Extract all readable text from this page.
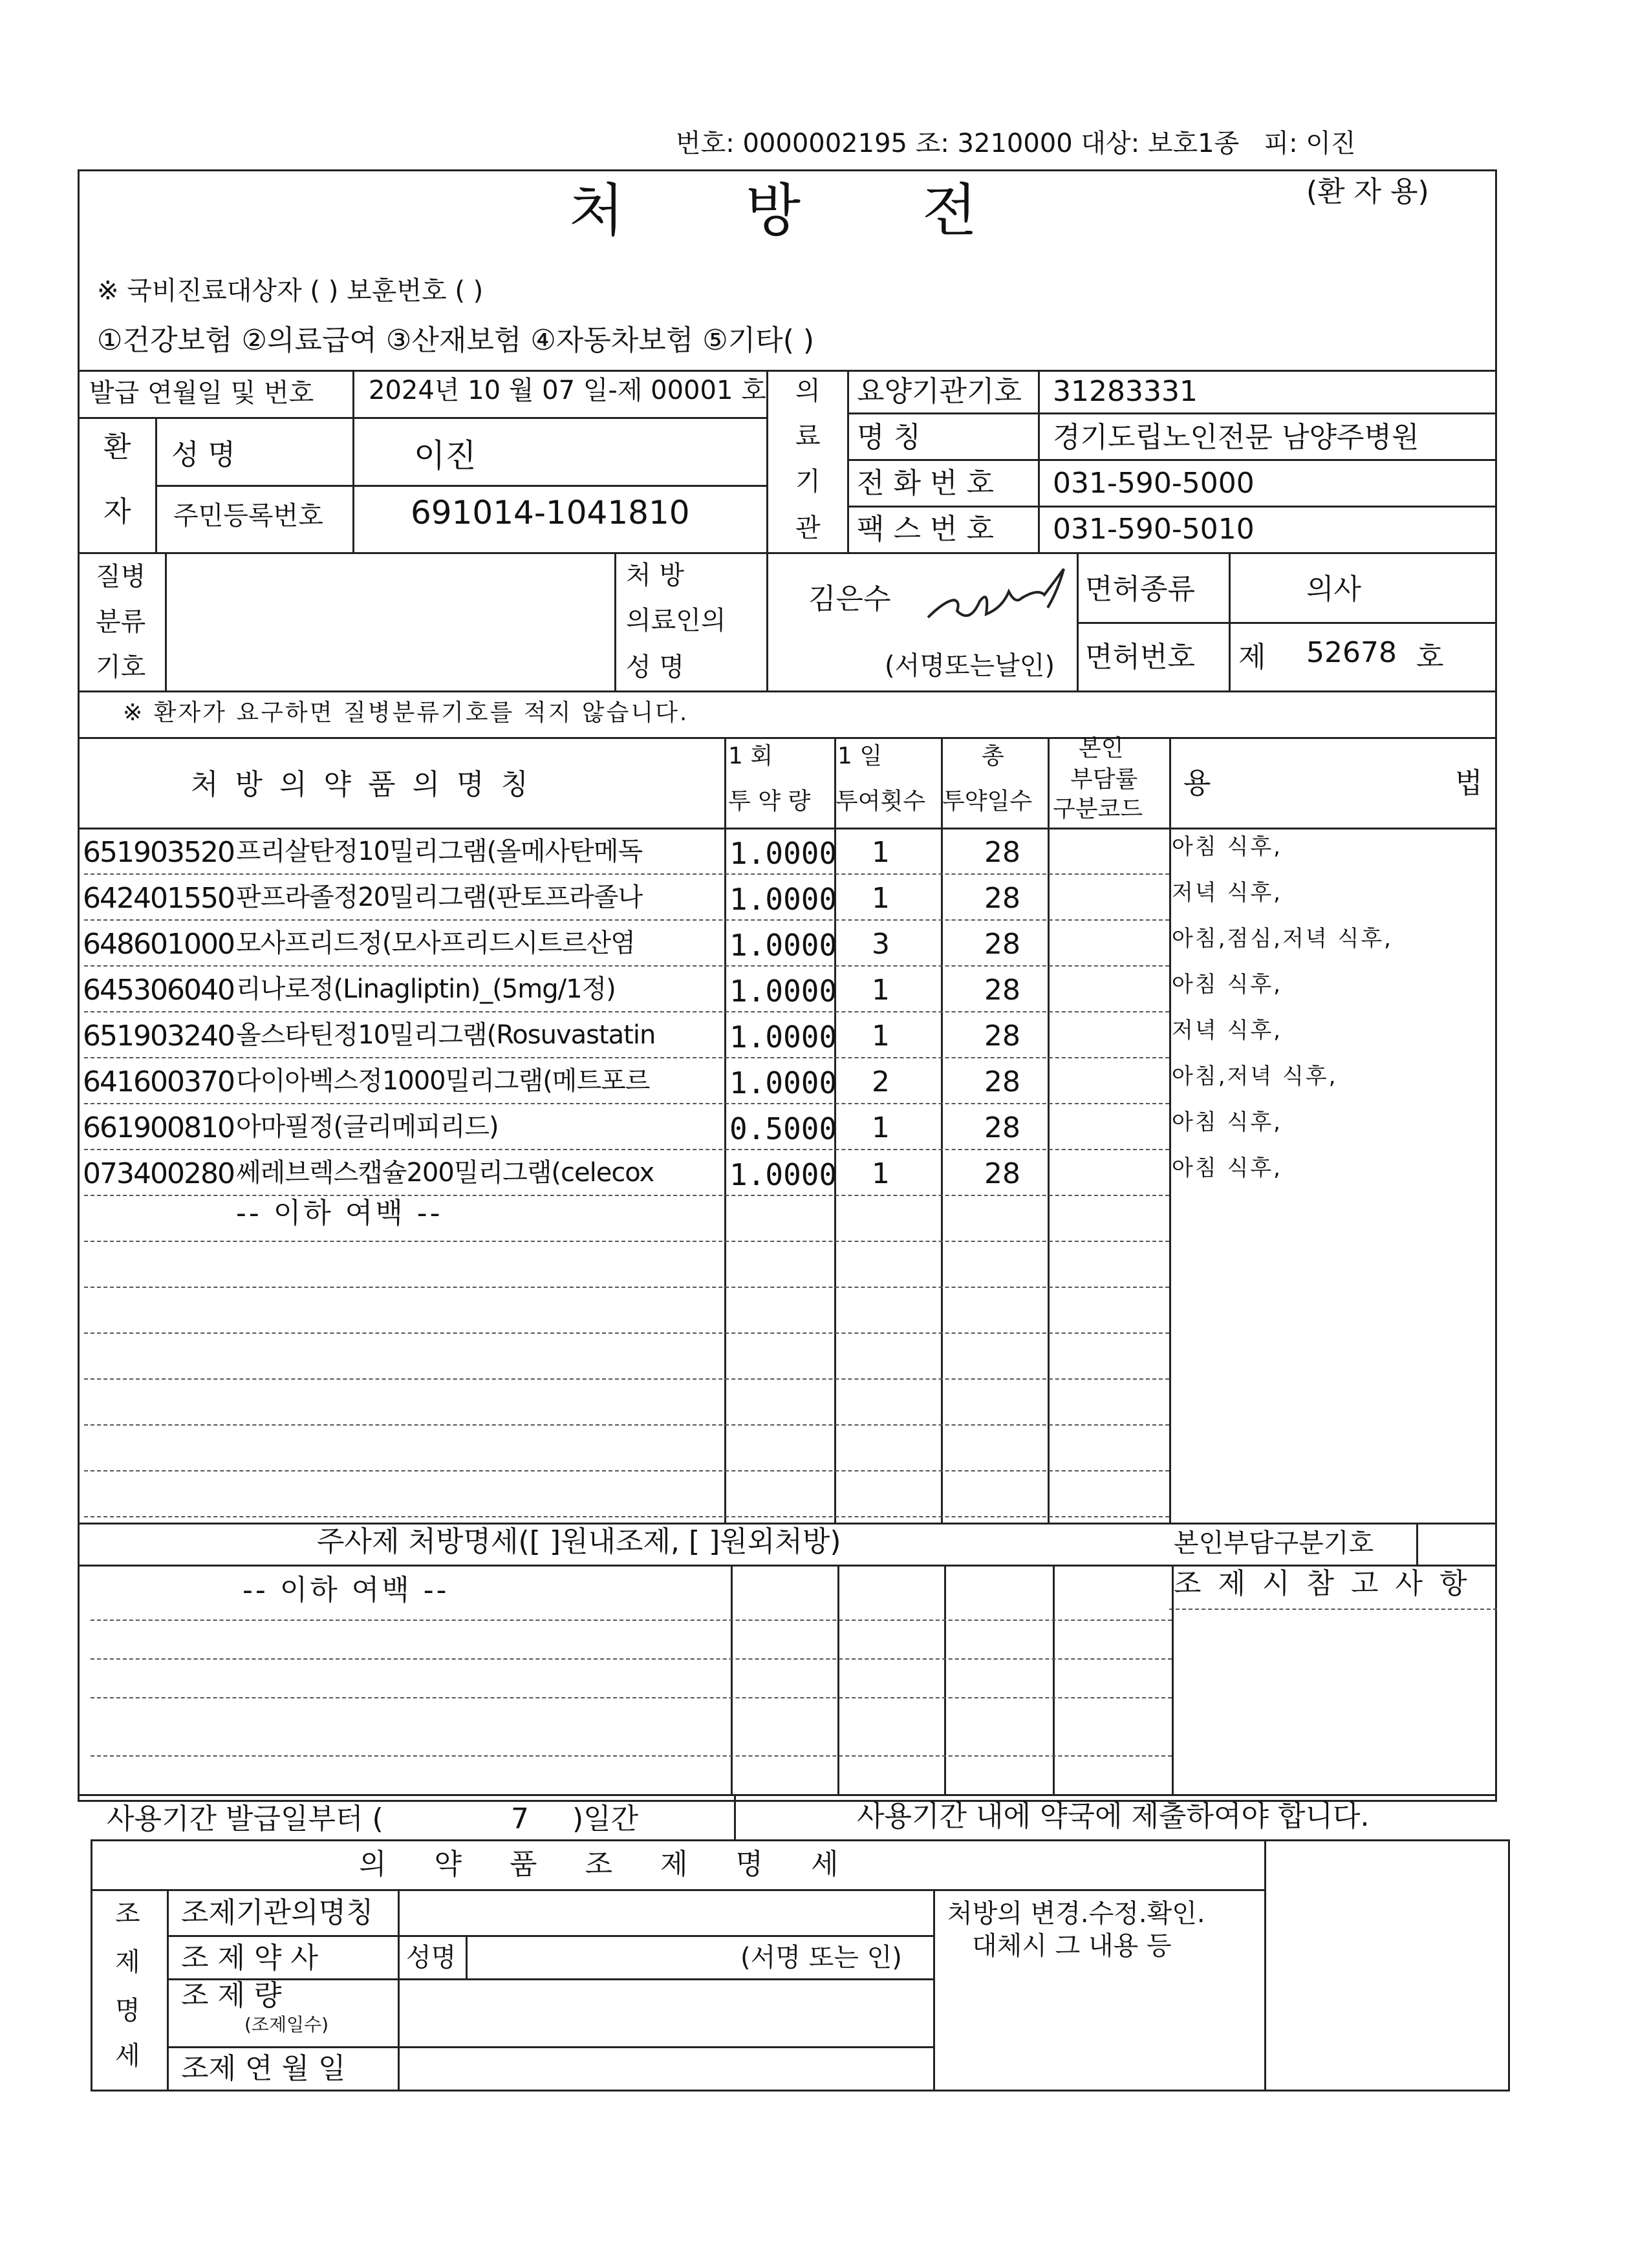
번호: 0000002195 조: 3210000 대상: 보호1종 피: 이진
처 방 전	(환 자 용)
※ 국비진료대상자 ( ) 보훈번호 ( )
①건강보험 ②의료급여 ③산재보험 ④자동차보험 ⑤기타( )
발급 연월일 및 번호 2024년 10 월 07 일-제 00001 호
환
자
성 명	이진
주민등록번호	691014-1041810
의
료
기
관
요양기관기호 31283331
명 칭	경기도립노인전문 남양주병원
전 화 번 호 031-590-5000
팩 스 번 호 031-590-5010
질병
분류
기호
처 방
의료인의
성 명
김은수
(서명또는날인)
면허종류	의사
면허번호 제 52678 호
※ 환자가 요구하면 질병분류기호를 적지 않습니다.
처 방 의 약 품 의 명 칭
1 회
투 약 량
1 일
투여횟수
총
투약일수
본인
부담률
구분코드
용	법
651903520 프리살탄정10밀리그램(올메사탄메독	1.0000 1	28	아침 식후,
642401550 판프라졸정20밀리그램(판토프라졸나	1.0000 1	28	저녁 식후,
648601000 모사프리드정(모사프리드시트르산염	1.0000 3	28	아침,점심,저녁 식후,
645306040 리나로정(Linagliptin)_(5mg/1정)	1.0000 1	28	아침 식후,
651903240 올스타틴정10밀리그램(Rosuvastatin 1.0000 1	28	저녁 식후,
641600370 다이아벡스정1000밀리그램(메트포르	1.0000 2	28	아침,저녁 식후,
661900810 아마필정(글리메피리드)	0.5000 1	28	아침 식후,
073400280 쎄레브렉스캡슐200밀리그램(celecox	1.0000 1	28	아침 식후,
-- 이하 여백 --
주사제 처방명세([ ]원내조제, [ ]원외처방)	본인부담구분기호
-- 이하 여백 --	조 제 시 참 고 사 항
사용기간 발급일부터 (	7 )일간	사용기간 내에 약국에 제출하여야 합니다.
의 약 품 조 제 명 세
조
제
명
세
조제기관의명칭
조 제 약 사	성명	(서명 또는 인)
조 제 량
(조제일수)
조제 연 월 일
처방의 변경.수정.확인.
대체시 그 내용 등
